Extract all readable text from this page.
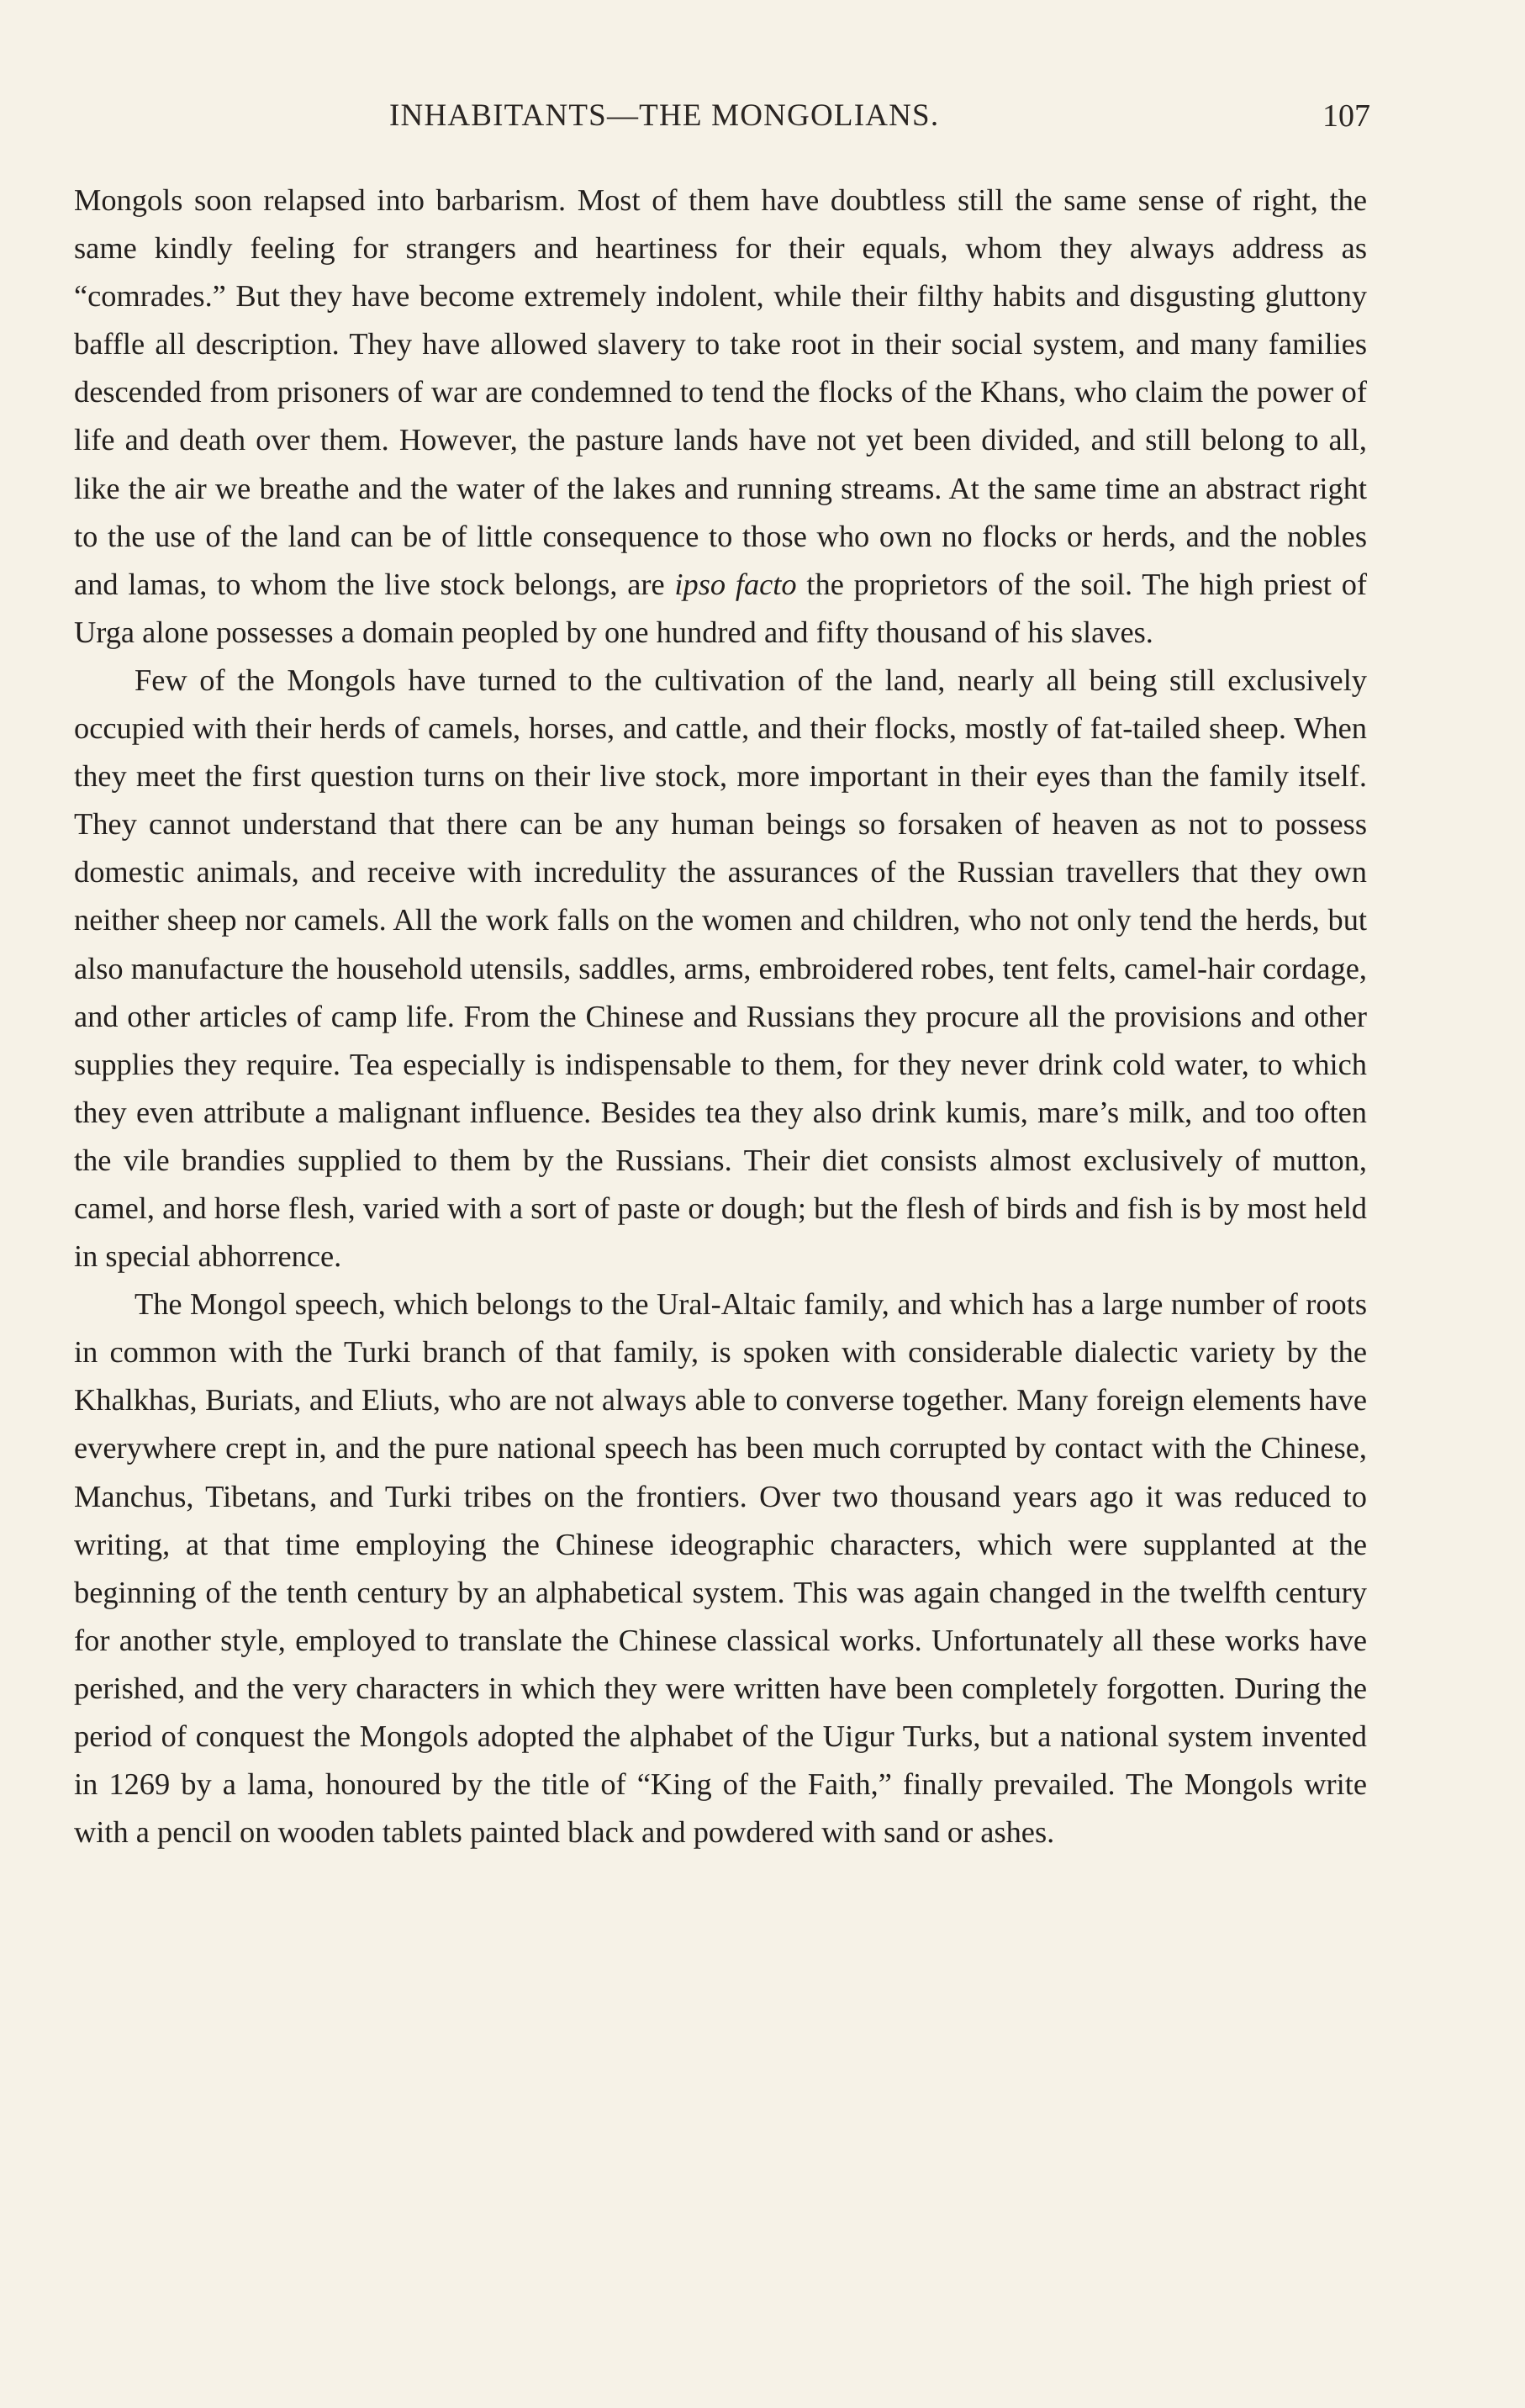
INHABITANTS—THE MONGOLIANS.	107

Mongols soon relapsed into barbarism. Most of them have doubtless still the same sense of right, the same kindly feeling for strangers and heartiness for their equals, whom they always address as “comrades.” But they have become extremely indolent, while their filthy habits and disgusting gluttony baffle all description. They have allowed slavery to take root in their social system, and many families descended from prisoners of war are condemned to tend the flocks of the Khans, who claim the power of life and death over them. However, the pasture lands have not yet been divided, and still belong to all, like the air we breathe and the water of the lakes and running streams. At the same time an abstract right to the use of the land can be of little consequence to those who own no flocks or herds, and the nobles and lamas, to whom the live stock belongs, are ipso facto the proprietors of the soil. The high priest of Urga alone possesses a domain peopled by one hundred and fifty thousand of his slaves.

Few of the Mongols have turned to the cultivation of the land, nearly all being still exclusively occupied with their herds of camels, horses, and cattle, and their flocks, mostly of fat-tailed sheep. When they meet the first question turns on their live stock, more important in their eyes than the family itself. They cannot understand that there can be any human beings so forsaken of heaven as not to possess domestic animals, and receive with incredulity the assurances of the Russian travellers that they own neither sheep nor camels. All the work falls on the women and children, who not only tend the herds, but also manufacture the household utensils, saddles, arms, embroidered robes, tent felts, camel-hair cordage, and other articles of camp life. From the Chinese and Russians they procure all the provisions and other supplies they require. Tea especially is indispensable to them, for they never drink cold water, to which they even attribute a malignant influence. Besides tea they also drink kumis, mare’s milk, and too often the vile brandies supplied to them by the Russians. Their diet consists almost exclusively of mutton, camel, and horse flesh, varied with a sort of paste or dough; but the flesh of birds and fish is by most held in special abhorrence.

The Mongol speech, which belongs to the Ural-Altaic family, and which has a large number of roots in common with the Turki branch of that family, is spoken with considerable dialectic variety by the Khalkhas, Buriats, and Eliuts, who are not always able to converse together. Many foreign elements have everywhere crept in, and the pure national speech has been much corrupted by contact with the Chinese, Manchus, Tibetans, and Turki tribes on the frontiers. Over two thousand years ago it was reduced to writing, at that time employing the Chinese ideographic characters, which were supplanted at the beginning of the tenth century by an alphabetical system. This was again changed in the twelfth century for another style, employed to translate the Chinese classical works. Unfortunately all these works have perished, and the very characters in which they were written have been completely forgotten. During the period of conquest the Mongols adopted the alphabet of the Uigur Turks, but a national system invented in 1269 by a lama, honoured by the title of “King of the Faith,” finally prevailed. The Mongols write with a pencil on wooden tablets painted black and powdered with sand or ashes.
